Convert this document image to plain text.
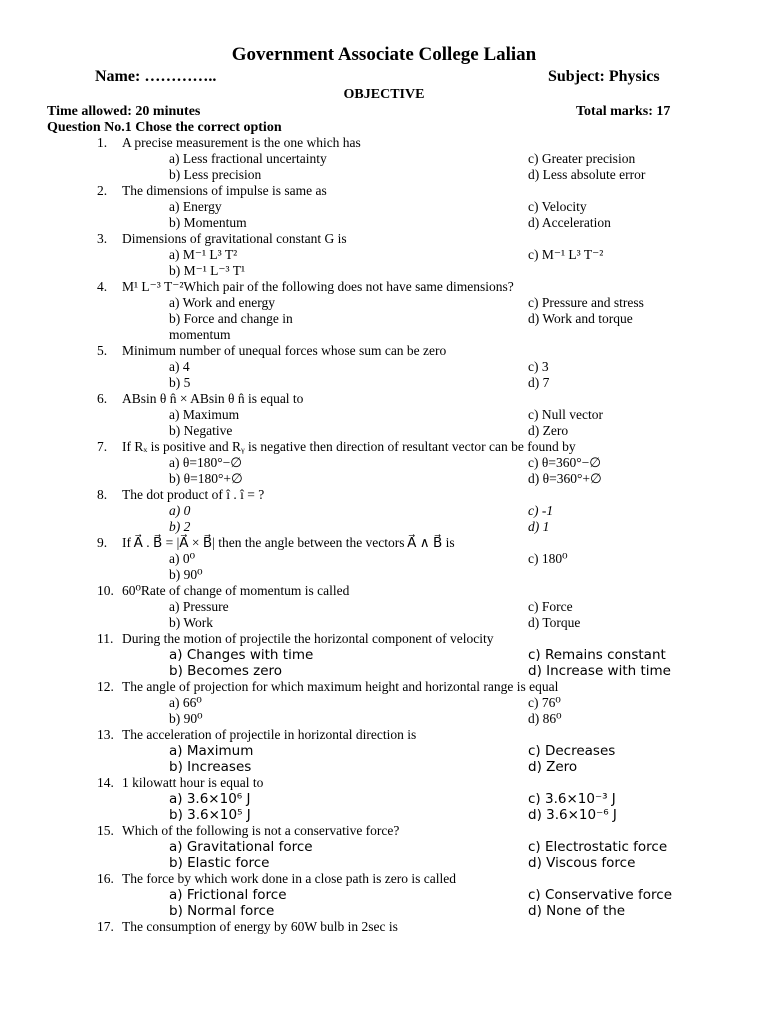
Government Associate College Lalian
Name: …………..	Subject: Physics
OBJECTIVE
Time allowed: 20 minutes	Total marks: 17
Question No.1 Chose the correct option
1.	A precise measurement is the one which has
a) Less fractional uncertainty	c) Greater precision
b) Less precision	d) Less absolute error
2.	The dimensions of impulse is same as
a) Energy	c) Velocity
b) Momentum	d) Acceleration
3.	Dimensions of gravitational constant G is
a) M⁻¹ L³ T²	c) M⁻¹ L³ T⁻²
b) M⁻¹ L⁻³ T¹
4.	M¹ L⁻³ T⁻²Which pair of the following does not have same dimensions?
a) Work and energy	c) Pressure and stress
b) Force and change in	d) Work and torque
momentum
5.	Minimum number of unequal forces whose sum can be zero
a) 4	c) 3
b) 5	d) 7
6.	ABsin θ n̂ × ABsin θ n̂ is equal to
a) Maximum	c) Null vector
b) Negative	d) Zero
7.	If Rₓ is positive and Rᵧ is negative then direction of resultant vector can be found by
a) θ=180°−∅	c) θ=360°−∅
b) θ=180°+∅	d) θ=360°+∅
8.	The dot product of î . î = ?
a) 0	c) -1
b) 2	d) 1
9.	If A⃗ . B⃗ = |A⃗ × B⃗| then the angle between the vectors A⃗ ∧ B⃗ is
a) 0⁰	c) 180⁰
b) 90⁰
10. 60⁰Rate of change of momentum is called
a) Pressure	c) Force
b) Work	d) Torque
11. During the motion of projectile the horizontal component of velocity
a) Changes with time	c) Remains constant
b) Becomes zero	d) Increase with time
12. The angle of projection for which maximum height and horizontal range is equal
a) 66⁰	c) 76⁰
b) 90⁰	d) 86⁰
13. The acceleration of projectile in horizontal direction is
a) Maximum	c) Decreases
b) Increases	d) Zero
14. 1 kilowatt hour is equal to
a) 3.6×10⁶ J	c) 3.6×10⁻³ J
b) 3.6×10⁵ J	d) 3.6×10⁻⁶ J
15. Which of the following is not a conservative force?
a) Gravitational force	c) Electrostatic force
b) Elastic force	d) Viscous force
16. The force by which work done in a close path is zero is called
a) Frictional force	c) Conservative force
b) Normal force	d) None of the
17. The consumption of energy by 60W bulb in 2sec is
